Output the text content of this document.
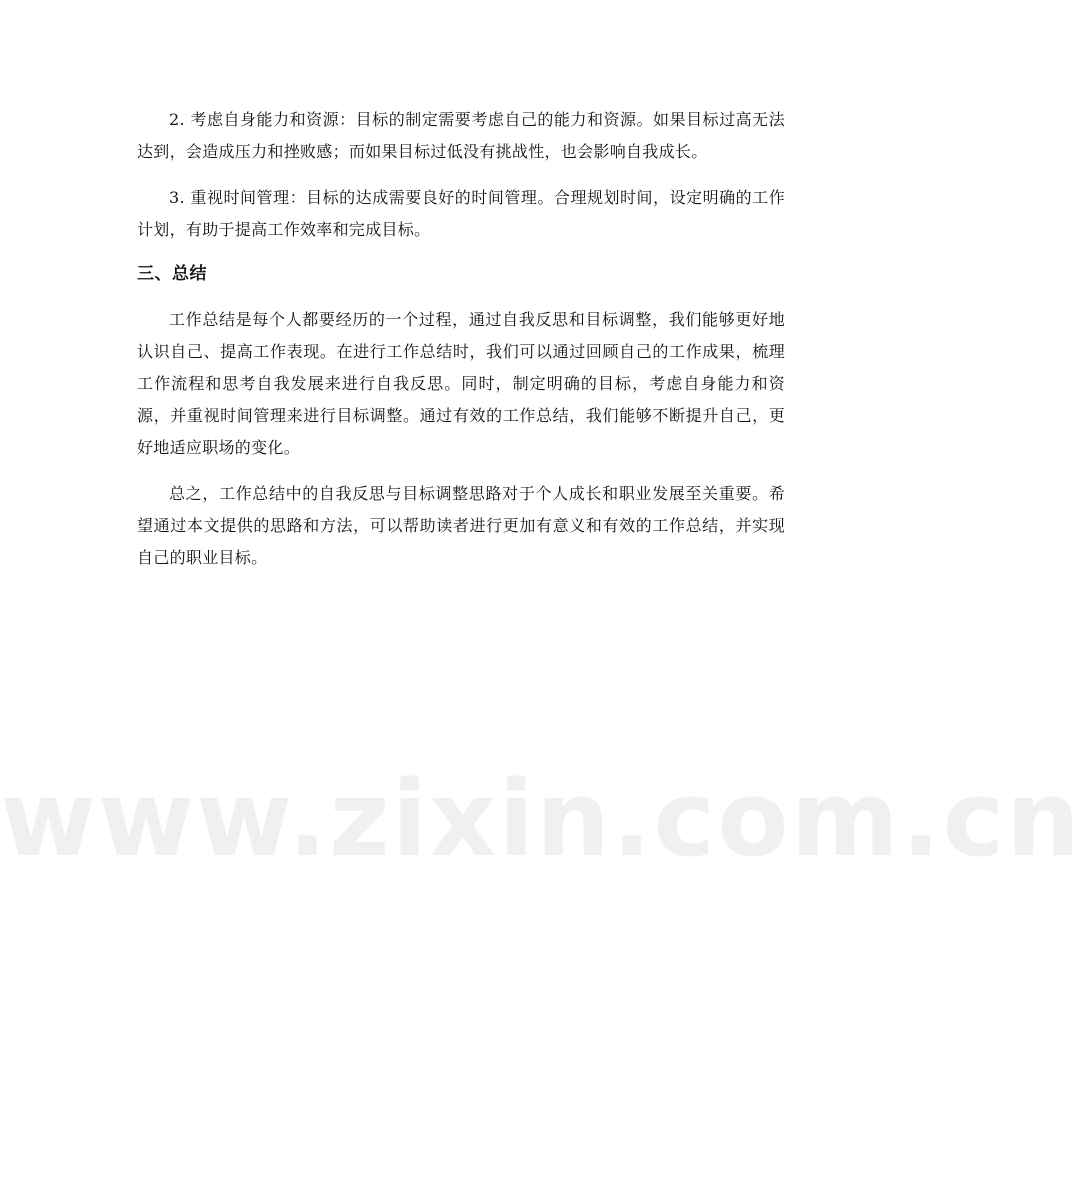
2. 考虑自身能力和资源：目标的制定需要考虑自己的能力和资源。如果目标过高无法达到，会造成压力和挫败感；而如果目标过低没有挑战性，也会影响自我成长。

3. 重视时间管理：目标的达成需要良好的时间管理。合理规划时间，设定明确的工作计划，有助于提高工作效率和完成目标。

三、总结

工作总结是每个人都要经历的一个过程，通过自我反思和目标调整，我们能够更好地认识自己、提高工作表现。在进行工作总结时，我们可以通过回顾自己的工作成果，梳理工作流程和思考自我发展来进行自我反思。同时，制定明确的目标，考虑自身能力和资源，并重视时间管理来进行目标调整。通过有效的工作总结，我们能够不断提升自己，更好地适应职场的变化。

总之，工作总结中的自我反思与目标调整思路对于个人成长和职业发展至关重要。希望通过本文提供的思路和方法，可以帮助读者进行更加有意义和有效的工作总结，并实现自己的职业目标。

www.zixin.com.cn
